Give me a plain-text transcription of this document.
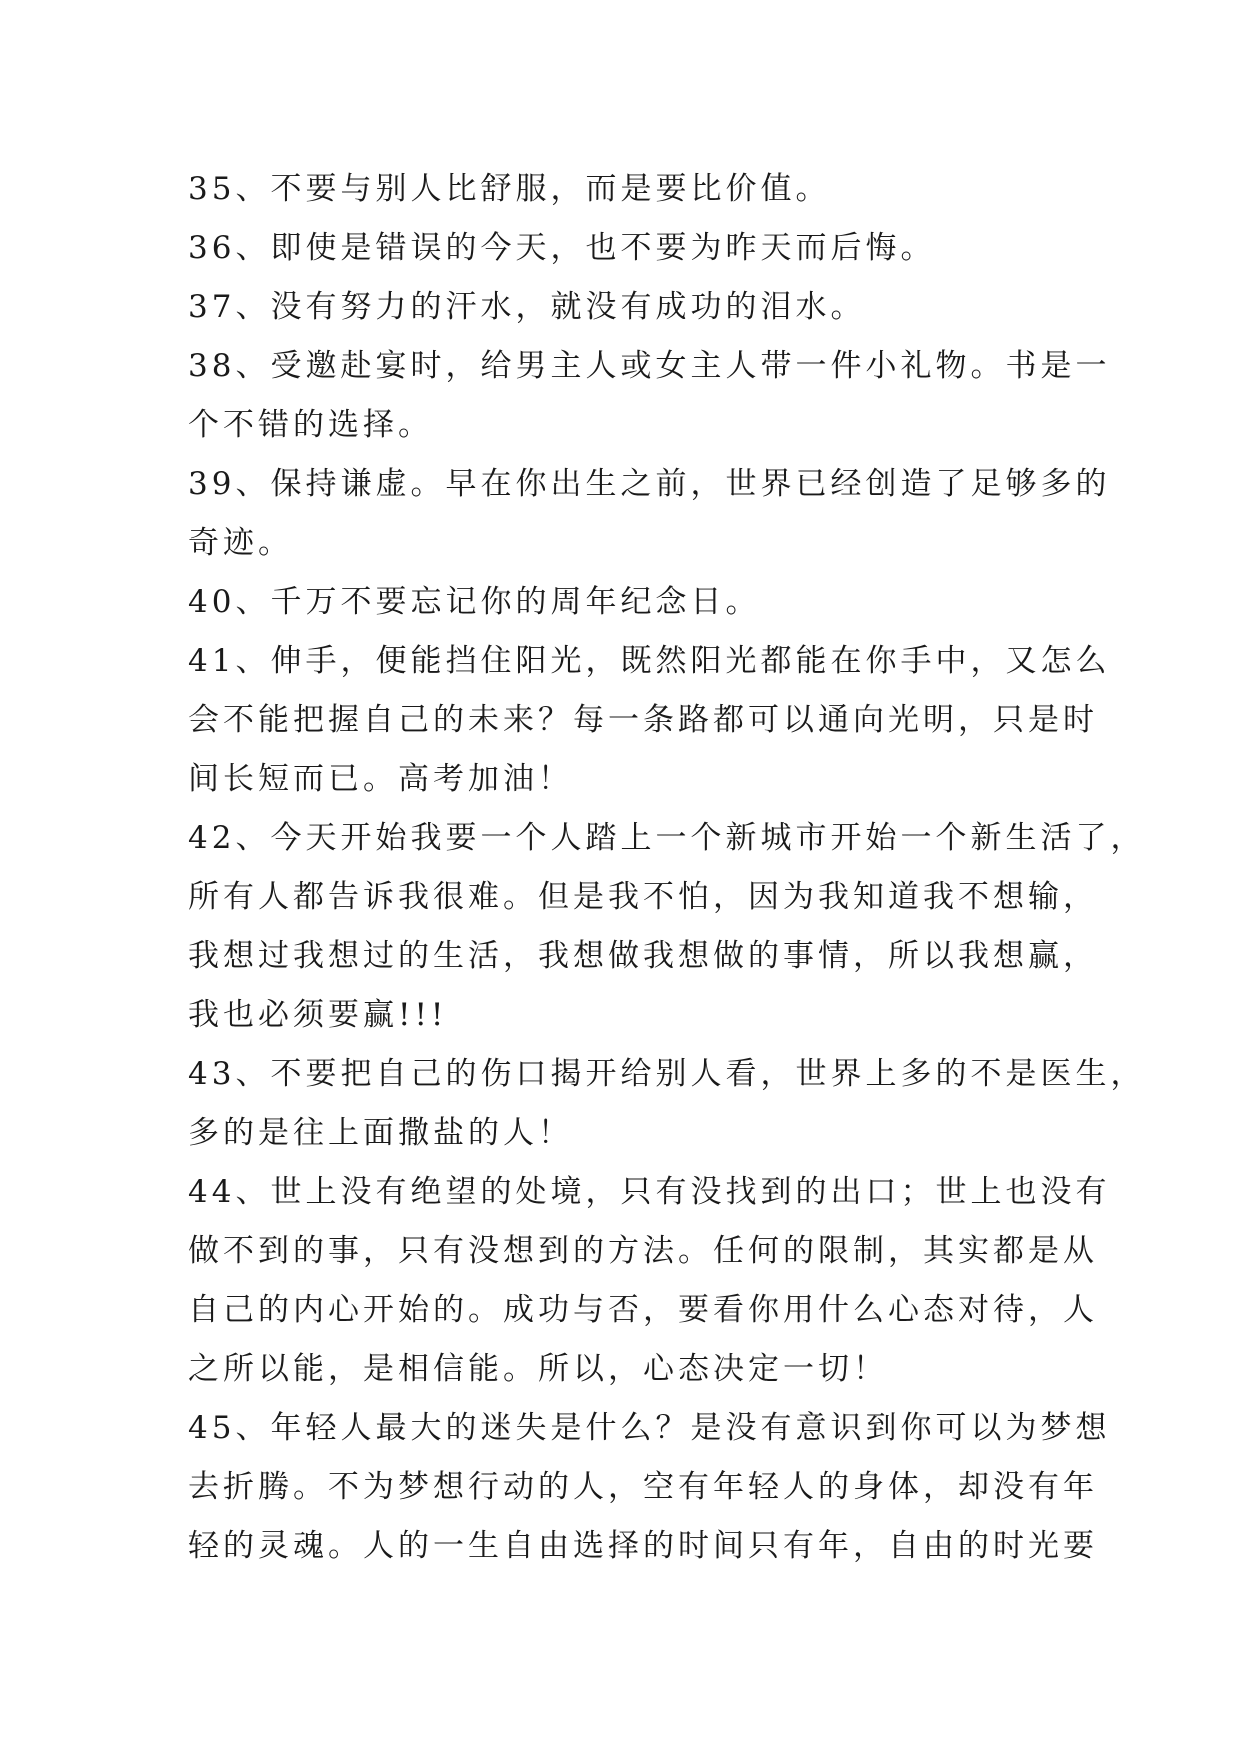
35、不要与别人比舒服，而是要比价值。
36、即使是错误的今天，也不要为昨天而后悔。
37、没有努力的汗水，就没有成功的泪水。
38、受邀赴宴时，给男主人或女主人带一件小礼物。书是一
个不错的选择。
39、保持谦虚。早在你出生之前，世界已经创造了足够多的
奇迹。
40、千万不要忘记你的周年纪念日。
41、伸手，便能挡住阳光，既然阳光都能在你手中，又怎么
会不能把握自己的未来？每一条路都可以通向光明，只是时
间长短而已。高考加油！
42、今天开始我要一个人踏上一个新城市开始一个新生活了，
所有人都告诉我很难。但是我不怕，因为我知道我不想输，
我想过我想过的生活，我想做我想做的事情，所以我想赢，
我也必须要赢!!!
43、不要把自己的伤口揭开给别人看，世界上多的不是医生，
多的是往上面撒盐的人！
44、世上没有绝望的处境，只有没找到的出口；世上也没有
做不到的事，只有没想到的方法。任何的限制，其实都是从
自己的内心开始的。成功与否，要看你用什么心态对待，人
之所以能，是相信能。所以，心态决定一切！
45、年轻人最大的迷失是什么？是没有意识到你可以为梦想
去折腾。不为梦想行动的人，空有年轻人的身体，却没有年
轻的灵魂。人的一生自由选择的时间只有年，自由的时光要
